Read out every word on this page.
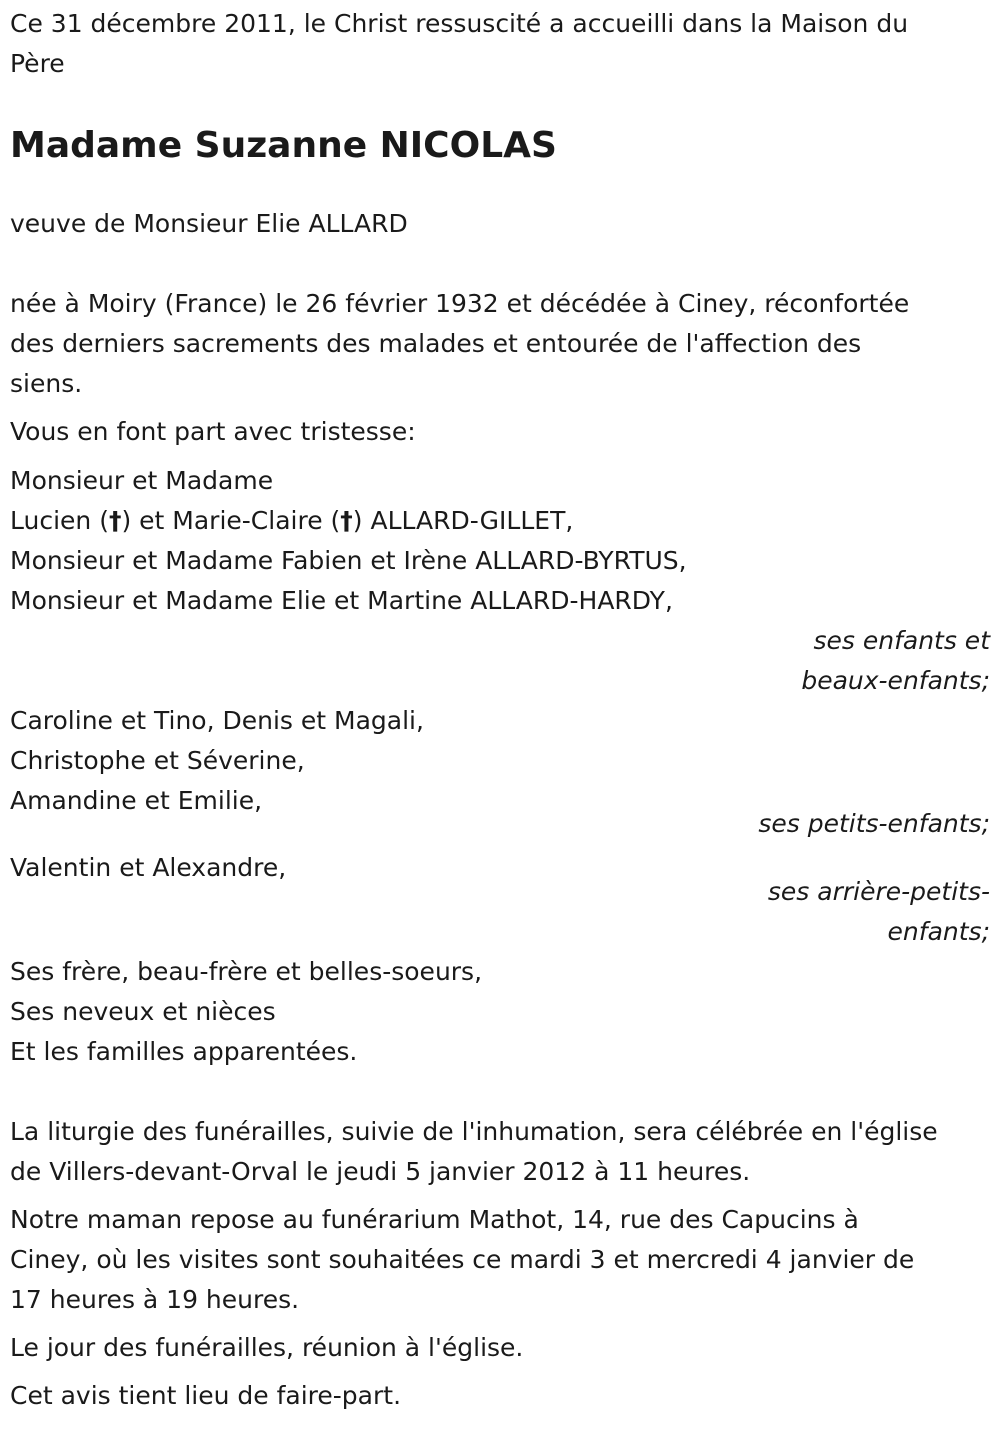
Ce 31 décembre 2011, le Christ ressuscité a accueilli dans la Maison du
Père
Madame Suzanne NICOLAS
veuve de Monsieur Elie ALLARD
née à Moiry (France) le 26 février 1932 et décédée à Ciney, réconfortée
des derniers sacrements des malades et entourée de l'affection des
siens.
Vous en font part avec tristesse:
Monsieur et Madame
Lucien (†) et Marie-Claire (†) ALLARD-GILLET,
Monsieur et Madame Fabien et Irène ALLARD-BYRTUS,
Monsieur et Madame Elie et Martine ALLARD-HARDY,
ses enfants et
beaux-enfants;
Caroline et Tino, Denis et Magali,
Christophe et Séverine,
Amandine et Emilie,
ses petits-enfants;
Valentin et Alexandre,
ses arrière-petits-
enfants;
Ses frère, beau-frère et belles-soeurs,
Ses neveux et nièces
Et les familles apparentées.
La liturgie des funérailles, suivie de l'inhumation, sera célébrée en l'église
de Villers-devant-Orval le jeudi 5 janvier 2012 à 11 heures.
Notre maman repose au funérarium Mathot, 14, rue des Capucins à
Ciney, où les visites sont souhaitées ce mardi 3 et mercredi 4 janvier de
17 heures à 19 heures.
Le jour des funérailles, réunion à l'église.
Cet avis tient lieu de faire-part.
